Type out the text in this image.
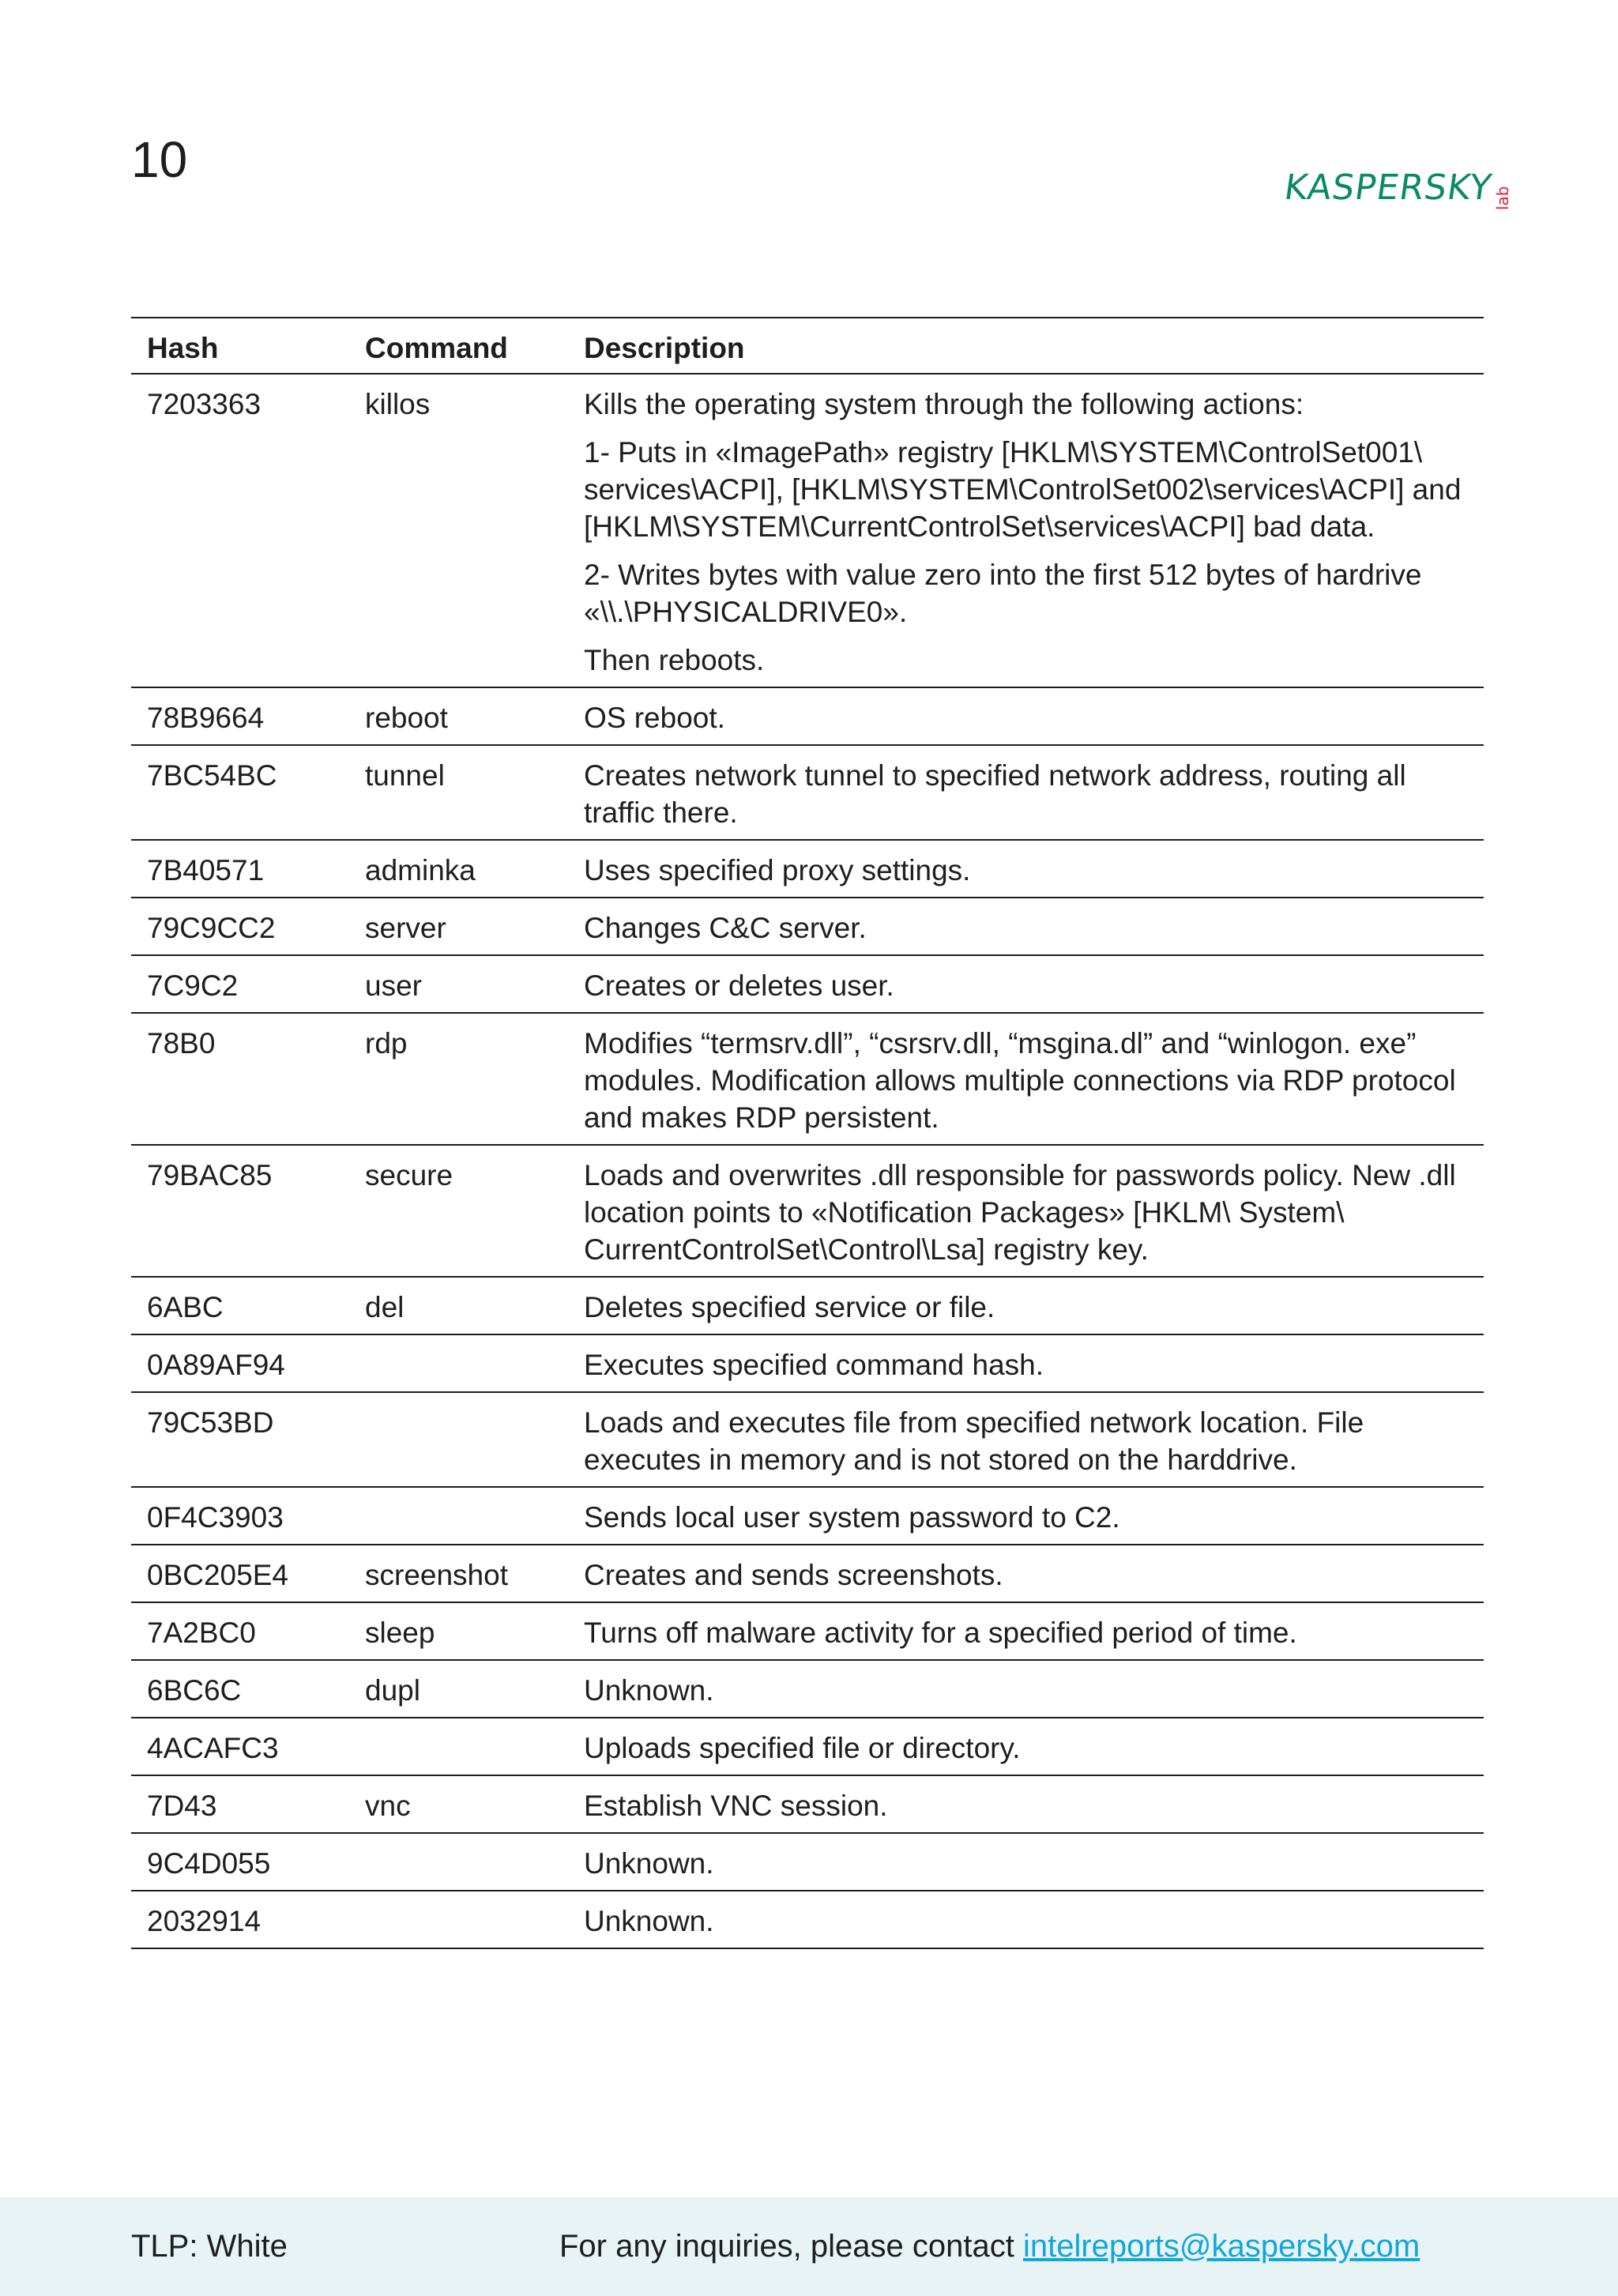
10	KASPERSKY
lab
Hash	Command	Description
7203363	killos	Kills the operating system through the following actions:
1- Puts in «ImagePath» registry [HKLM\SYSTEM\ControlSet001\ services\ACPI], [HKLM\SYSTEM\ControlSet002\services\ACPI] and [HKLM\SYSTEM\CurrentControlSet\services\ACPI] bad data.
2- Writes bytes with value zero into the first 512 bytes of hardrive «\\.\PHYSICALDRIVE0».
Then reboots.

78B9664	reboot	OS reboot.

7BC54BC	tunnel	Creates network tunnel to specified network address, routing all traffic there.

7B40571	adminka	Uses specified proxy settings.

79C9CC2	server	Changes C&C server.

7C9C2	user	Creates or deletes user.

78B0	rdp	Modifies “termsrv.dll”, “csrsrv.dll, “msgina.dl” and “winlogon. exe” modules. Modification allows multiple connections via RDP protocol and makes RDP persistent.

79BAC85	secure	Loads and overwrites .dll responsible for passwords policy. New .dll location points to «Notification Packages» [HKLM\ System\ CurrentControlSet\Control\Lsa] registry key.

6ABC	del	Deletes specified service or file.

0A89AF94		Executes specified command hash.

79C53BD		Loads and executes file from specified network location. File executes in memory and is not stored on the harddrive.

0F4C3903		Sends local user system password to C2.

0BC205E4	screenshot	Creates and sends screenshots.

7A2BC0	sleep	Turns off malware activity for a specified period of time.

6BC6C	dupl	Unknown.

4ACAFC3		Uploads specified file or directory.

7D43	vnc	Establish VNC session.

9C4D055		Unknown.

2032914		Unknown.
TLP: White	For any inquiries, please contact intelreports@kaspersky.com
